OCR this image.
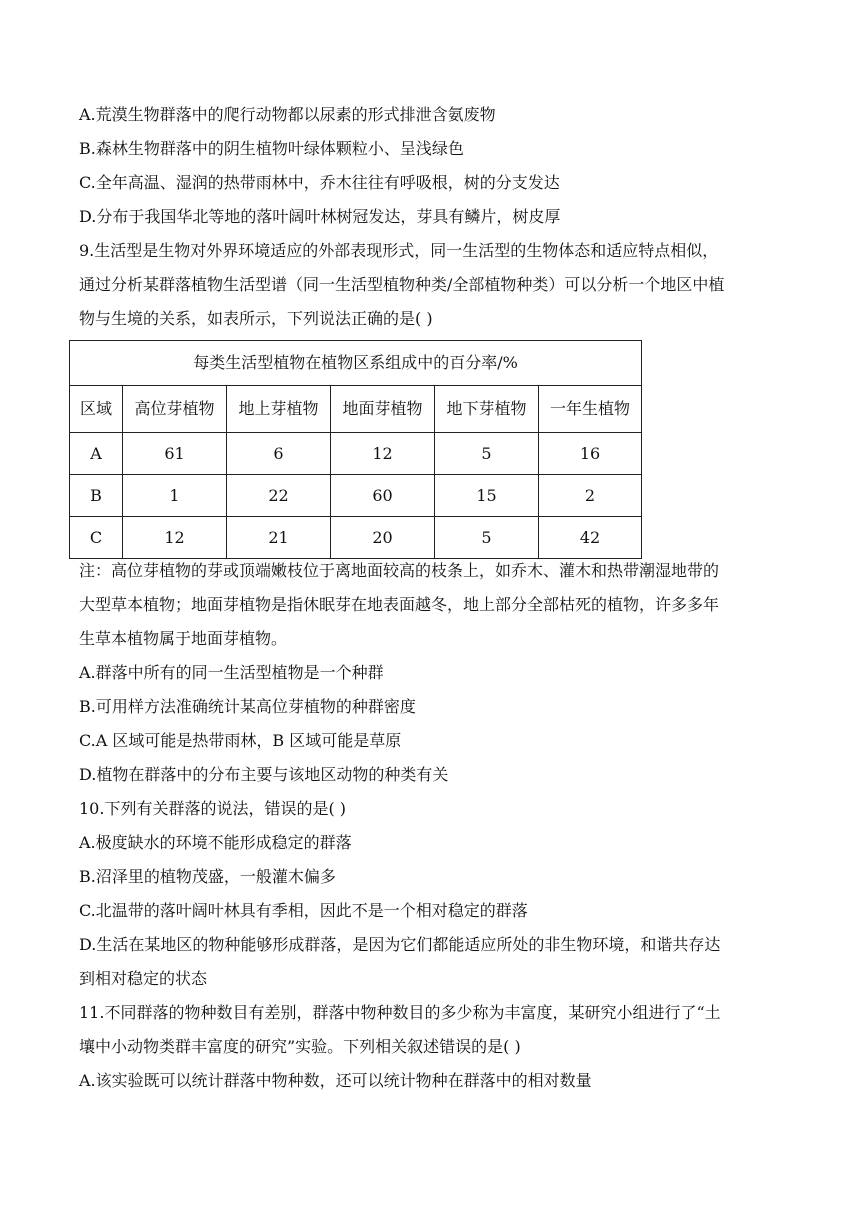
A.荒漠生物群落中的爬行动物都以尿素的形式排泄含氨废物
B.森林生物群落中的阴生植物叶绿体颗粒小、呈浅绿色
C.全年高温、湿润的热带雨林中，乔木往往有呼吸根，树的分支发达
D.分布于我国华北等地的落叶阔叶林树冠发达，芽具有鳞片，树皮厚
9.生活型是生物对外界环境适应的外部表现形式，同一生活型的生物体态和适应特点相似，
通过分析某群落植物生活型谱（同一生活型植物种类/全部植物种类）可以分析一个地区中植
物与生境的关系，如表所示，下列说法正确的是( )
每类生活型植物在植物区系组成中的百分率/%					
区域	高位芽植物	地上芽植物	地面芽植物	地下芽植物	一年生植物
A	61	6	12	5	16
B	1	22	60	15	2
C	12	21	20	5	42
注：高位芽植物的芽或顶端嫩枝位于离地面较高的枝条上，如乔木、灌木和热带潮湿地带的
大型草本植物；地面芽植物是指休眠芽在地表面越冬，地上部分全部枯死的植物，许多多年
生草本植物属于地面芽植物。
A.群落中所有的同一生活型植物是一个种群
B.可用样方法准确统计某高位芽植物的种群密度
C.A 区域可能是热带雨林，B 区域可能是草原
D.植物在群落中的分布主要与该地区动物的种类有关
10.下列有关群落的说法，错误的是( )
A.极度缺水的环境不能形成稳定的群落
B.沼泽里的植物茂盛，一般灌木偏多
C.北温带的落叶阔叶林具有季相，因此不是一个相对稳定的群落
D.生活在某地区的物种能够形成群落，是因为它们都能适应所处的非生物环境，和谐共存达
到相对稳定的状态
11.不同群落的物种数目有差别，群落中物种数目的多少称为丰富度，某研究小组进行了“土
壤中小动物类群丰富度的研究”实验。下列相关叙述错误的是( )
A.该实验既可以统计群落中物种数，还可以统计物种在群落中的相对数量
